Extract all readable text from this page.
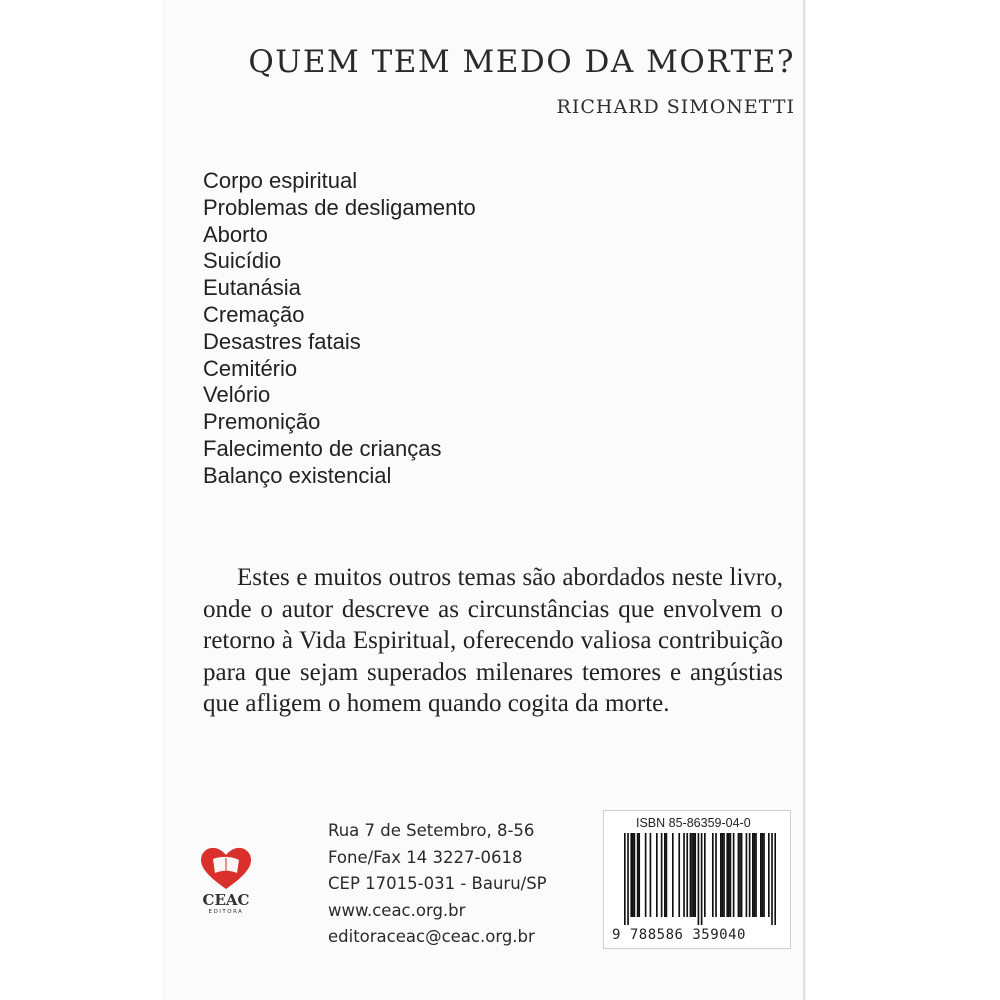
QUEM TEM MEDO DA MORTE?
RICHARD SIMONETTI
Corpo espiritual
Problemas de desligamento
Aborto
Suicídio
Eutanásia
Cremação
Desastres fatais
Cemitério
Velório
Premonição
Falecimento de crianças
Balanço existencial

Estes e muitos outros temas são abordados neste livro, onde o autor descreve as circunstâncias que envolvem o retorno à Vida Espiritual, oferecendo valiosa contribuição para que sejam superados milenares temores e angústias que afligem o homem quando cogita da morte.

CEAC
EDITORA
Rua 7 de Setembro, 8-56
Fone/Fax 14 3227-0618
CEP 17015-031 - Bauru/SP
www.ceac.org.br
editoraceac@ceac.org.br
ISBN 85-86359-04-0
9 788586 359040
